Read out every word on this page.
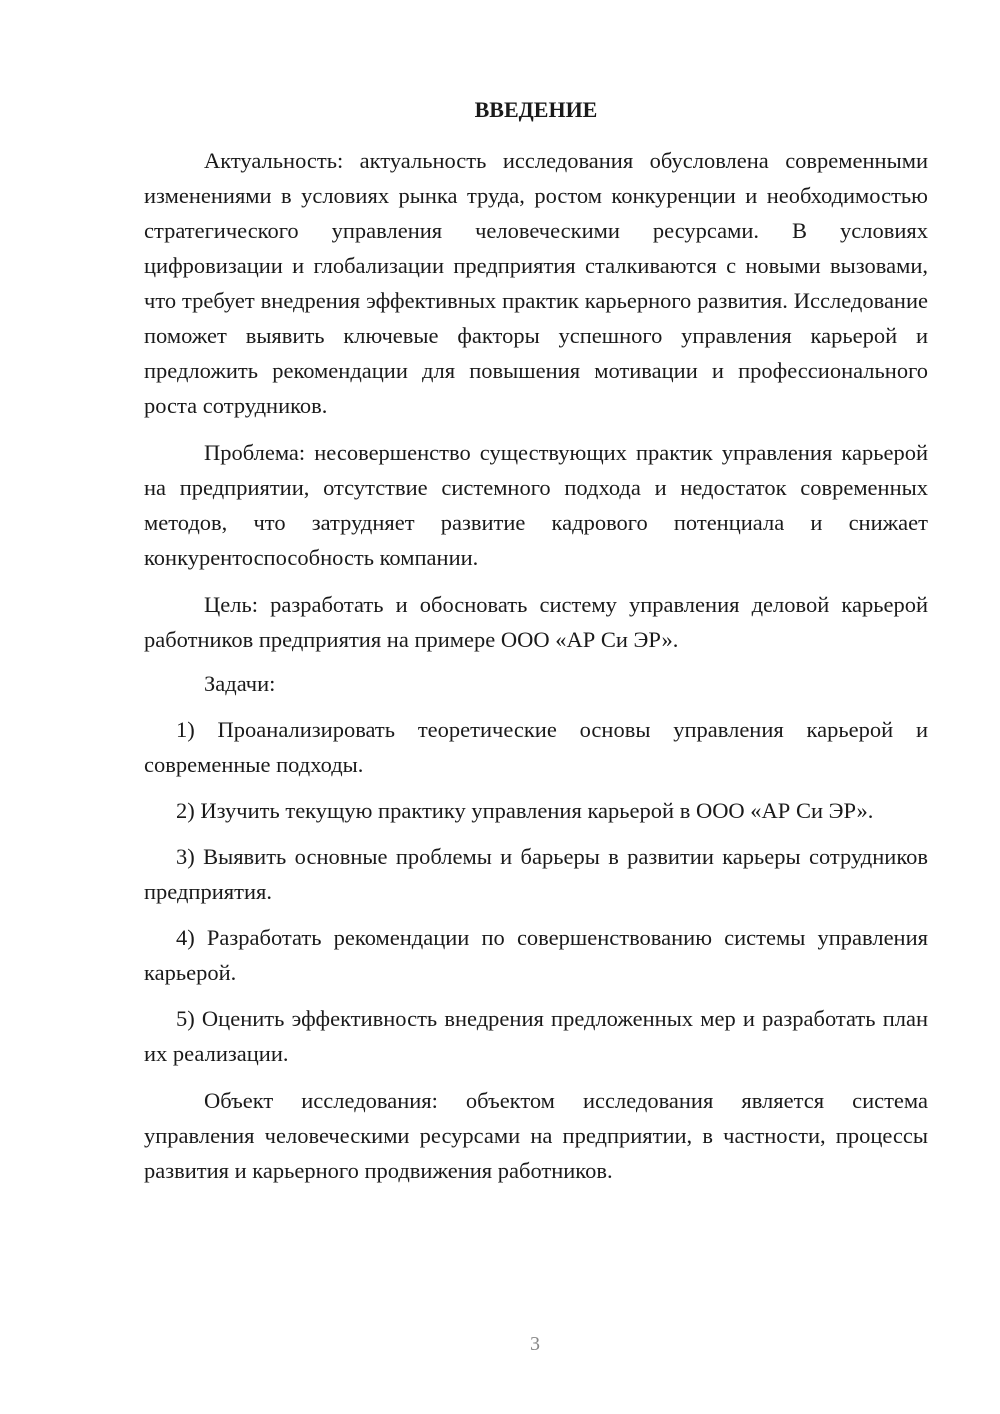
ВВЕДЕНИЕ

Актуальность: актуальность исследования обусловлена современными изменениями в условиях рынка труда, ростом конкуренции и необходимостью стратегического управления человеческими ресурсами. В условиях цифровизации и глобализации предприятия сталкиваются с новыми вызовами, что требует внедрения эффективных практик карьерного развития. Исследование поможет выявить ключевые факторы успешного управления карьерой и предложить рекомендации для повышения мотивации и профессионального роста сотрудников.

Проблема: несовершенство существующих практик управления карьерой на предприятии, отсутствие системного подхода и недостаток современных методов, что затрудняет развитие кадрового потенциала и снижает конкурентоспособность компании.

Цель: разработать и обосновать систему управления деловой карьерой работников предприятия на примере ООО «АР Си ЭР».

Задачи:

1) Проанализировать теоретические основы управления карьерой и современные подходы.

2) Изучить текущую практику управления карьерой в ООО «АР Си ЭР».

3) Выявить основные проблемы и барьеры в развитии карьеры сотрудников предприятия.

4) Разработать рекомендации по совершенствованию системы управления карьерой.

5) Оценить эффективность внедрения предложенных мер и разработать план их реализации.

Объект исследования: объектом исследования является система управления человеческими ресурсами на предприятии, в частности, процессы развития и карьерного продвижения работников.

3
